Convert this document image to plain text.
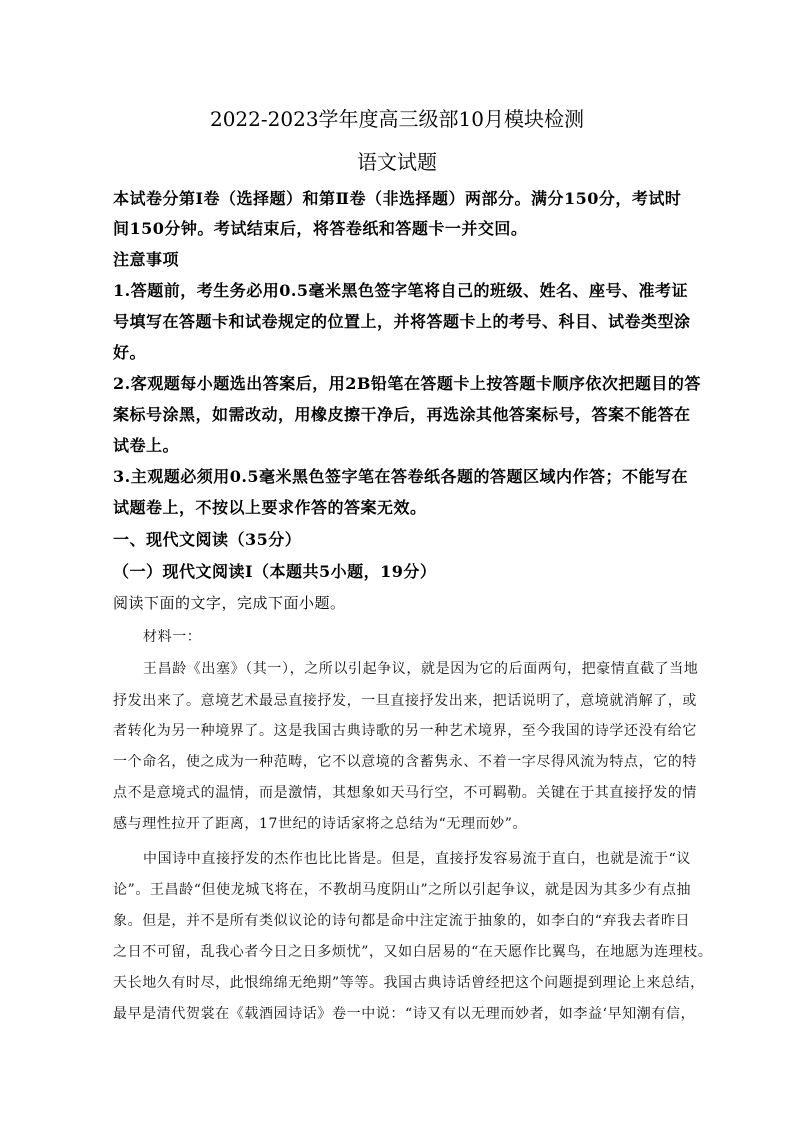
2022-2023学年度高三级部10月模块检测
语文试题

本试卷分第Ⅰ卷（选择题）和第Ⅱ卷（非选择题）两部分。满分150分，考试时

间150分钟。考试结束后，将答卷纸和答题卡一并交回。

注意事项

1.答题前，考生务必用0.5毫米黑色签字笔将自己的班级、姓名、座号、准考证

号填写在答题卡和试卷规定的位置上，并将答题卡上的考号、科目、试卷类型涂

好。

2.客观题每小题选出答案后，用2B铅笔在答题卡上按答题卡顺序依次把题目的答

案标号涂黑，如需改动，用橡皮擦干净后，再选涂其他答案标号，答案不能答在

试卷上。

3.主观题必须用0.5毫米黑色签字笔在答卷纸各题的答题区域内作答；不能写在

试题卷上，不按以上要求作答的答案无效。

一、现代文阅读（35分）

（一）现代文阅读Ⅰ（本题共5小题，19分）

阅读下面的文字，完成下面小题。

材料一：

王昌龄《出塞》（其一），之所以引起争议，就是因为它的后面两句，把豪情直截了当地

抒发出来了。意境艺术最忌直接抒发，一旦直接抒发出来，把话说明了，意境就消解了，或

者转化为另一种境界了。这是我国古典诗歌的另一种艺术境界，至今我国的诗学还没有给它

一个命名，使之成为一种范畴，它不以意境的含蓄隽永、不着一字尽得风流为特点，它的特

点不是意境式的温情，而是激情，其想象如天马行空，不可羁勒。关键在于其直接抒发的情

感与理性拉开了距离，17世纪的诗话家将之总结为“无理而妙”。

中国诗中直接抒发的杰作也比比皆是。但是，直接抒发容易流于直白，也就是流于“议

论”。王昌龄“但使龙城飞将在，不教胡马度阴山”之所以引起争议，就是因为其多少有点抽

象。但是，并不是所有类似议论的诗句都是命中注定流于抽象的，如李白的“弃我去者昨日

之日不可留，乱我心者今日之日多烦忧”，又如白居易的“在天愿作比翼鸟，在地愿为连理枝。

天长地久有时尽，此恨绵绵无绝期”等等。我国古典诗话曾经把这个问题提到理论上来总结，

最早是清代贺裳在《载酒园诗话》卷一中说：“诗又有以无理而妙者，如李益‘早知潮有信，
